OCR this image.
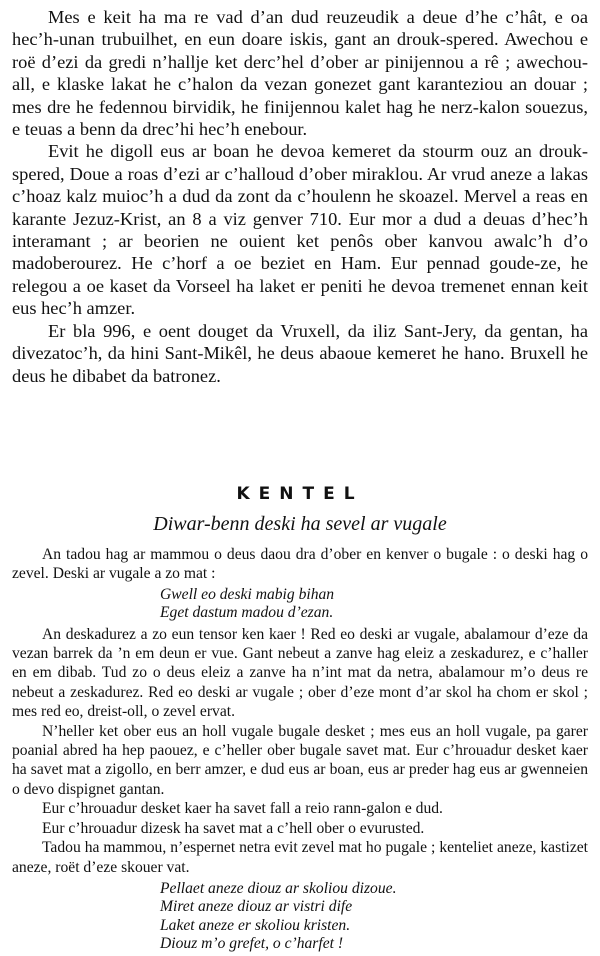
Mes e keit ha ma re vad d’an dud reuzeudik a deue d’he c’hât, e oa hec’h-unan trubuilhet, en eun doare iskis, gant an drouk-spered. Awechou e roë d’ezi da gredi n’hallje ket derc’hel d’ober ar pinijennou a rê ; awechou-all, e klaske lakat he c’halon da vezan gonezet gant karanteziou an douar ; mes dre he fedennou birvidik, he finijennou kalet hag he nerz-kalon souezus, e teuas a benn da drec’hi hec’h enebour.

Evit he digoll eus ar boan he devoa kemeret da stourm ouz an drouk-spered, Doue a roas d’ezi ar c’halloud d’ober miraklou. Ar vrud aneze a lakas c’hoaz kalz muioc’h a dud da zont da c’houlenn he skoazel. Mervel a reas en karante Jezuz-Krist, an 8 a viz genver 710. Eur mor a dud a deuas d’hec’h interamant ; ar beorien ne ouient ket penôs ober kanvou awalc’h d’o madoberourez. He c’horf a oe beziet en Ham. Eur pennad goude-ze, he relegou a oe kaset da Vorseel ha laket er peniti he devoa tremenet ennan keit eus hec’h amzer.

Er bla 996, e oent douget da Vruxell, da iliz Sant-Jery, da gentan, ha divezatoc’h, da hini Sant-Mikêl, he deus abaoue kemeret he hano. Bruxell he deus he dibabet da batronez.

KENTEL
Diwar-benn deski ha sevel ar vugale

An tadou hag ar mammou o deus daou dra d’ober en kenver o bugale : o deski hag o zevel. Deski ar vugale a zo mat :

Gwell eo deski mabig bihan
Eget dastum madou d’ezan.

An deskadurez a zo eun tensor ken kaer ! Red eo deski ar vugale, abalamour d’eze da vezan barrek da ’n em deun er vue. Gant nebeut a zanve hag eleiz a zeskadurez, e c’haller en em dibab. Tud zo o deus eleiz a zanve ha n’int mat da netra, abalamour m’o deus re nebeut a zeskadurez. Red eo deski ar vugale ; ober d’eze mont d’ar skol ha chom er skol ; mes red eo, dreist-oll, o zevel ervat.

N’heller ket ober eus an holl vugale bugale desket ; mes eus an holl vugale, pa garer poanial abred ha hep paouez, e c’heller ober bugale savet mat. Eur c’hrouadur desket kaer ha savet mat a zigollo, en berr amzer, e dud eus ar boan, eus ar preder hag eus ar gwenneien o devo dispignet gantan.

Eur c’hrouadur desket kaer ha savet fall a reio rann-galon e dud.

Eur c’hrouadur dizesk ha savet mat a c’hell ober o evurusted.

Tadou ha mammou, n’espernet netra evit zevel mat ho pugale ; kenteliet aneze, kastizet aneze, roët d’eze skouer vat.

Pellaet aneze diouz ar skoliou dizoue.
Miret aneze diouz ar vistri dife
Laket aneze er skoliou kristen.
Diouz m’o grefet, o c’harfet !
